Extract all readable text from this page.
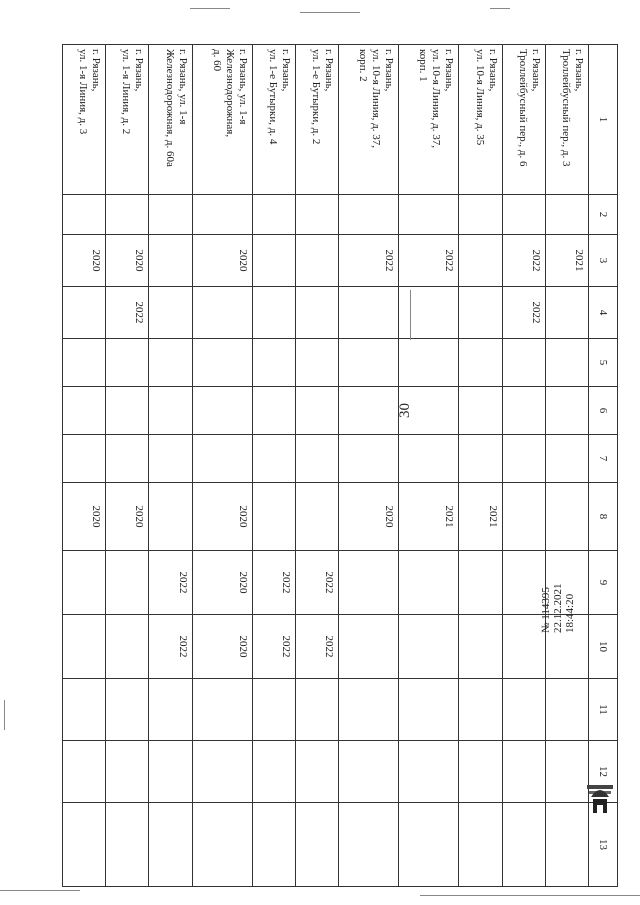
30
1	2	3	4	5	6	7	8	9	10	11	12	13
г. Рязань,
Троллейбусный пер., д. 3		2021										
г. Рязань,
Троллейбусный пер., д. 6		2022	2022									
г. Рязань,
ул. 10-я Линия, д. 35							2021					
г. Рязань,
ул. 10-я Линия, д. 37,
корп. 1		2022					2021					
г. Рязань,
ул. 10-я Линия, д. 37,
корп. 2		2022					2020					
г. Рязань,
ул. 1-е Бутырки, д. 2								2022	2022			
г. Рязань,
ул. 1-е Бутырки, д. 4								2022	2022			
г. Рязань, ул. 1-я
Железнодорожная,
д. 60		2020					2020	2020	2020			
г. Рязань, ул. 1-я
Железнодорожная, д. 60а								2022	2022			
г. Рязань,
ул. 1-я Линия, д. 2		2020	2022				2020					
г. Рязань,
ул. 1-я Линия, д. 3		2020					2020					
№ 114395 22.12.2021 18:44:20
